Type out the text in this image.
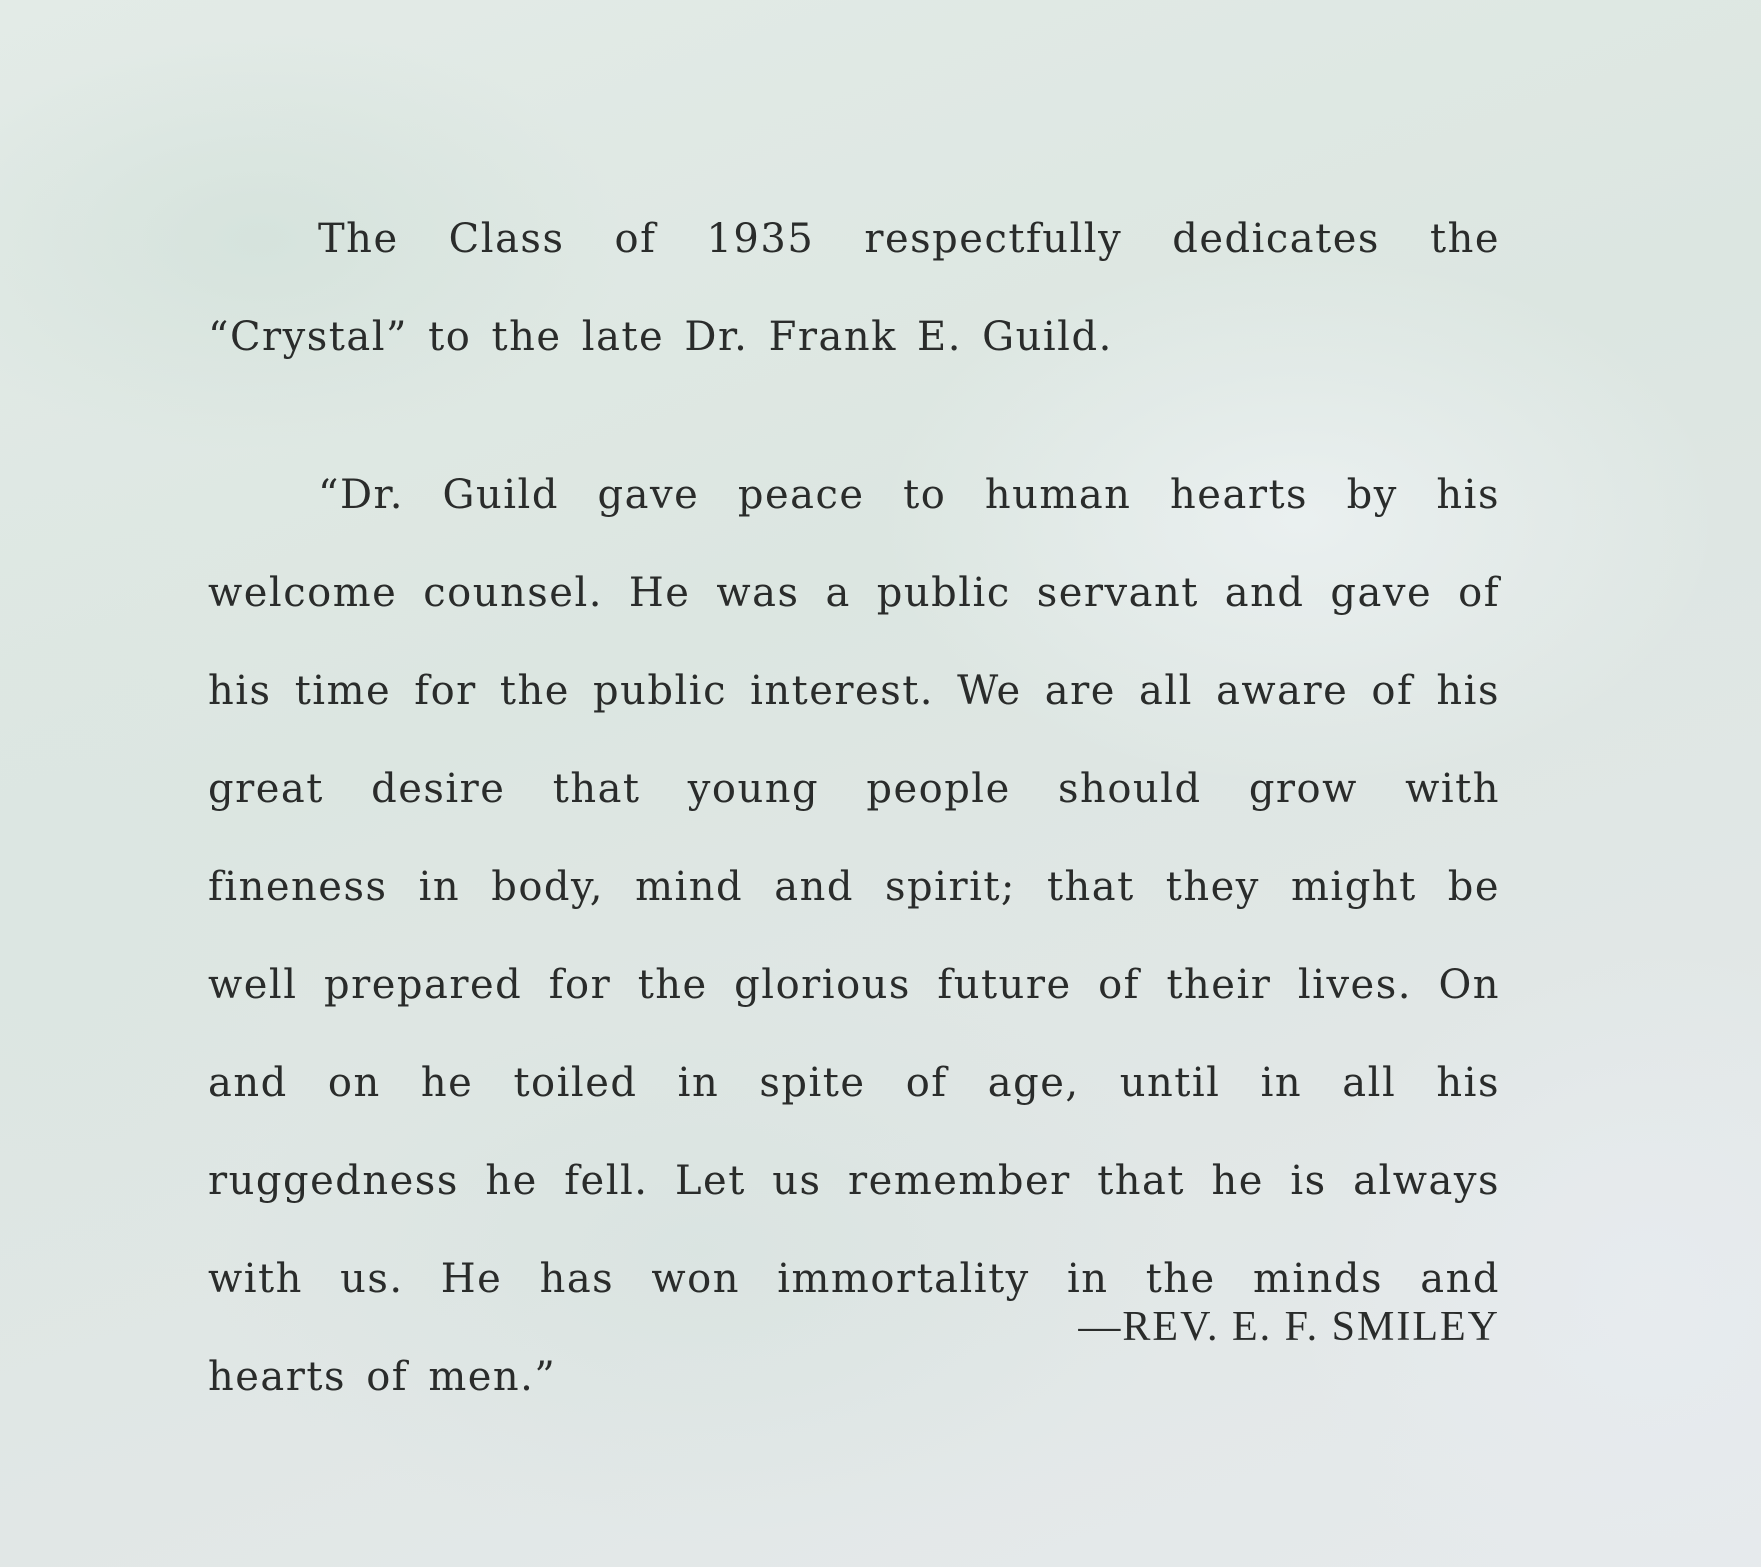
The Class of 1935 respectfully dedicates the “Crystal” to the late Dr. Frank E. Guild.

“Dr. Guild gave peace to human hearts by his welcome counsel. He was a public servant and gave of his time for the public interest. We are all aware of his great desire that young people should grow with fineness in body, mind and spirit; that they might be well prepared for the glorious future of their lives. On and on he toiled in spite of age, until in all his ruggedness he fell. Let us remember that he is always with us. He has won immortality in the minds and hearts of men.”

—REV. E. F. SMILEY
